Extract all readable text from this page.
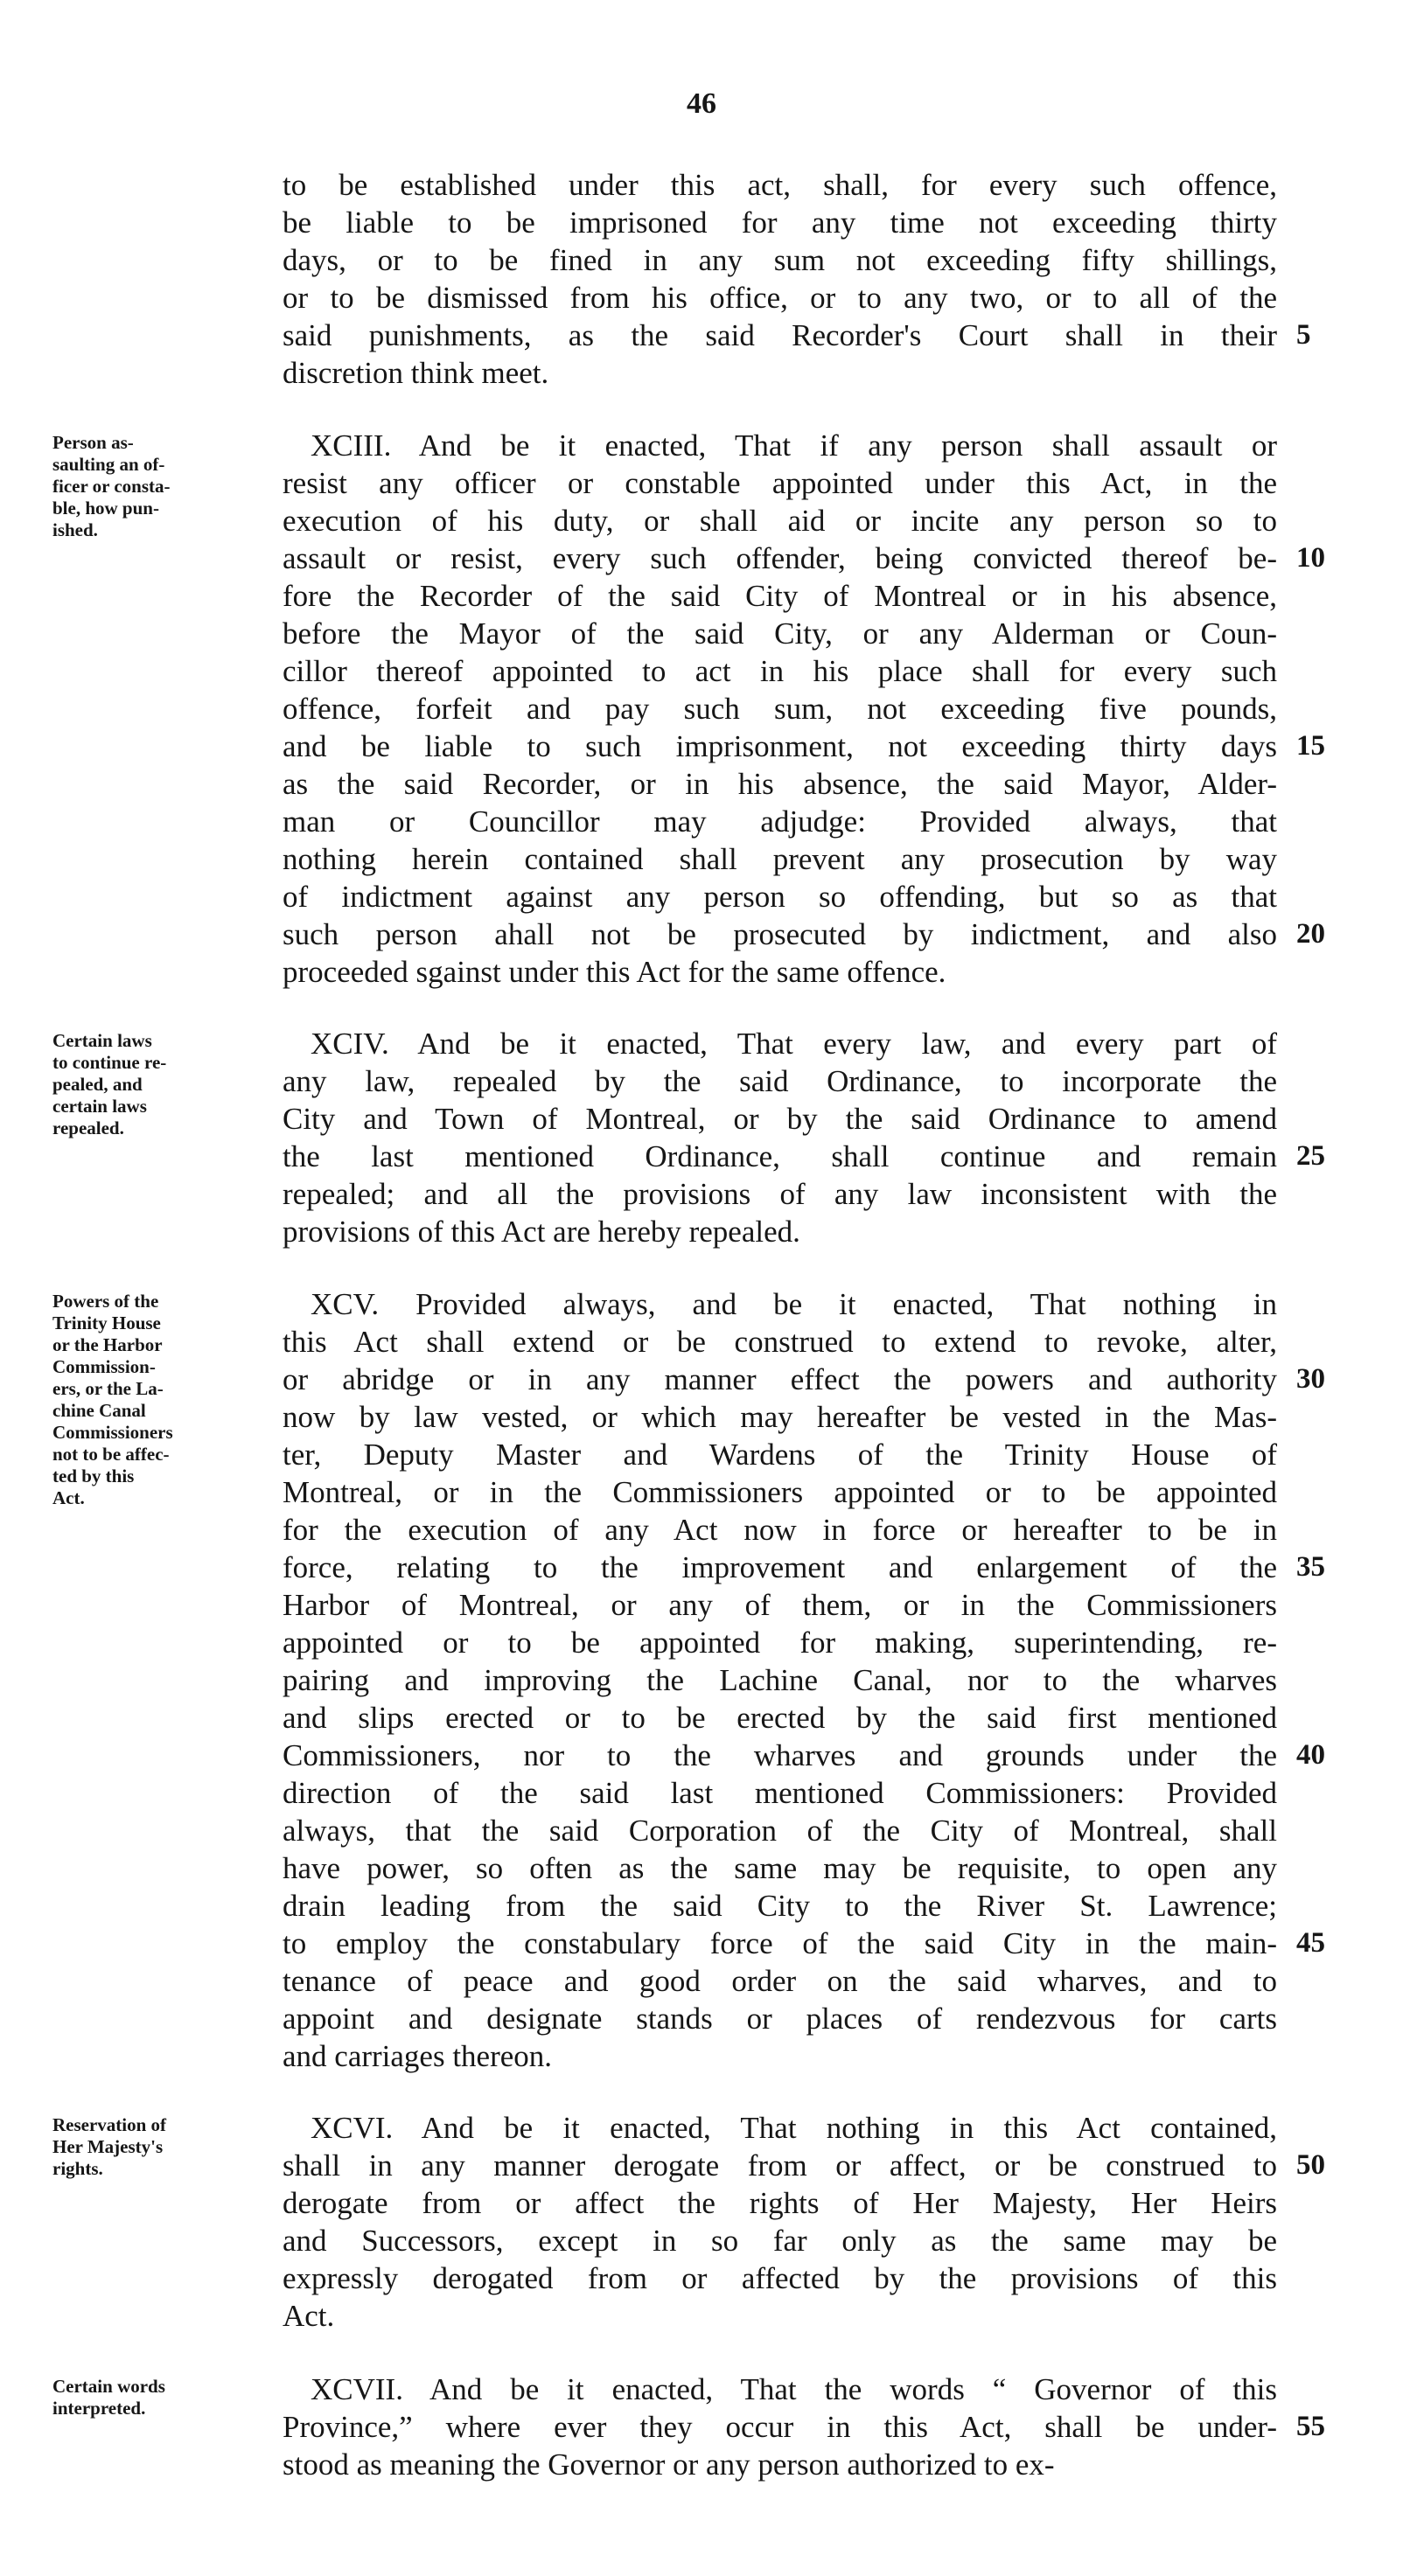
46
to be established under this act, shall, for every such offence,
be liable to be imprisoned for any time not exceeding thirty
days, or to be fined in any sum not exceeding fifty shillings,
or to be dismissed from his office, or to any two, or to all of the
said punishments, as the said Recorder's Court shall in their 5
discretion think meet.
Person as-
saulting an of-
ficer or consta-
ble, how pun-
ished.
XCIII. And be it enacted, That if any person shall assault or
resist any officer or constable appointed under this Act, in the
execution of his duty, or shall aid or incite any person so to
assault or resist, every such offender, being convicted thereof be- 10
fore the Recorder of the said City of Montreal or in his absence,
before the Mayor of the said City, or any Alderman or Coun-
cillor thereof appointed to act in his place shall for every such
offence, forfeit and pay such sum, not exceeding five pounds,
and be liable to such imprisonment, not exceeding thirty days 15
as the said Recorder, or in his absence, the said Mayor, Alder-
man or Councillor may adjudge: Provided always, that
nothing herein contained shall prevent any prosecution by way
of indictment against any person so offending, but so as that
such person ahall not be prosecuted by indictment, and also 20
proceeded sgainst under this Act for the same offence.
Certain laws
to continue re-
pealed, and
certain laws
repealed.
XCIV. And be it enacted, That every law, and every part of
any law, repealed by the said Ordinance, to incorporate the
City and Town of Montreal, or by the said Ordinance to amend
the last mentioned Ordinance, shall continue and remain 25
repealed; and all the provisions of any law inconsistent with the
provisions of this Act are hereby repealed.
Powers of the
Trinity House
or the Harbor
Commission-
ers, or the La-
chine Canal
Commissioners
not to be affec-
ted by this
Act.
XCV. Provided always, and be it enacted, That nothing in
this Act shall extend or be construed to extend to revoke, alter,
or abridge or in any manner effect the powers and authority 30
now by law vested, or which may hereafter be vested in the Mas-
ter, Deputy Master and Wardens of the Trinity House of
Montreal, or in the Commissioners appointed or to be appointed
for the execution of any Act now in force or hereafter to be in
force, relating to the improvement and enlargement of the 35
Harbor of Montreal, or any of them, or in the Commissioners
appointed or to be appointed for making, superintending, re-
pairing and improving the Lachine Canal, nor to the wharves
and slips erected or to be erected by the said first mentioned
Commissioners, nor to the wharves and grounds under the 40
direction of the said last mentioned Commissioners: Provided
always, that the said Corporation of the City of Montreal, shall
have power, so often as the same may be requisite, to open any
drain leading from the said City to the River St. Lawrence;
to employ the constabulary force of the said City in the main- 45
tenance of peace and good order on the said wharves, and to
appoint and designate stands or places of rendezvous for carts
and carriages thereon.
Reservation of
Her Majesty's
rights.
XCVI. And be it enacted, That nothing in this Act contained,
shall in any manner derogate from or affect, or be construed to 50
derogate from or affect the rights of Her Majesty, Her Heirs
and Successors, except in so far only as the same may be
expressly derogated from or affected by the provisions of this
Act.
Certain words
interpreted.
XCVII. And be it enacted, That the words “ Governor of this
Province,” where ever they occur in this Act, shall be under- 55
stood as meaning the Governor or any person authorized to ex-
